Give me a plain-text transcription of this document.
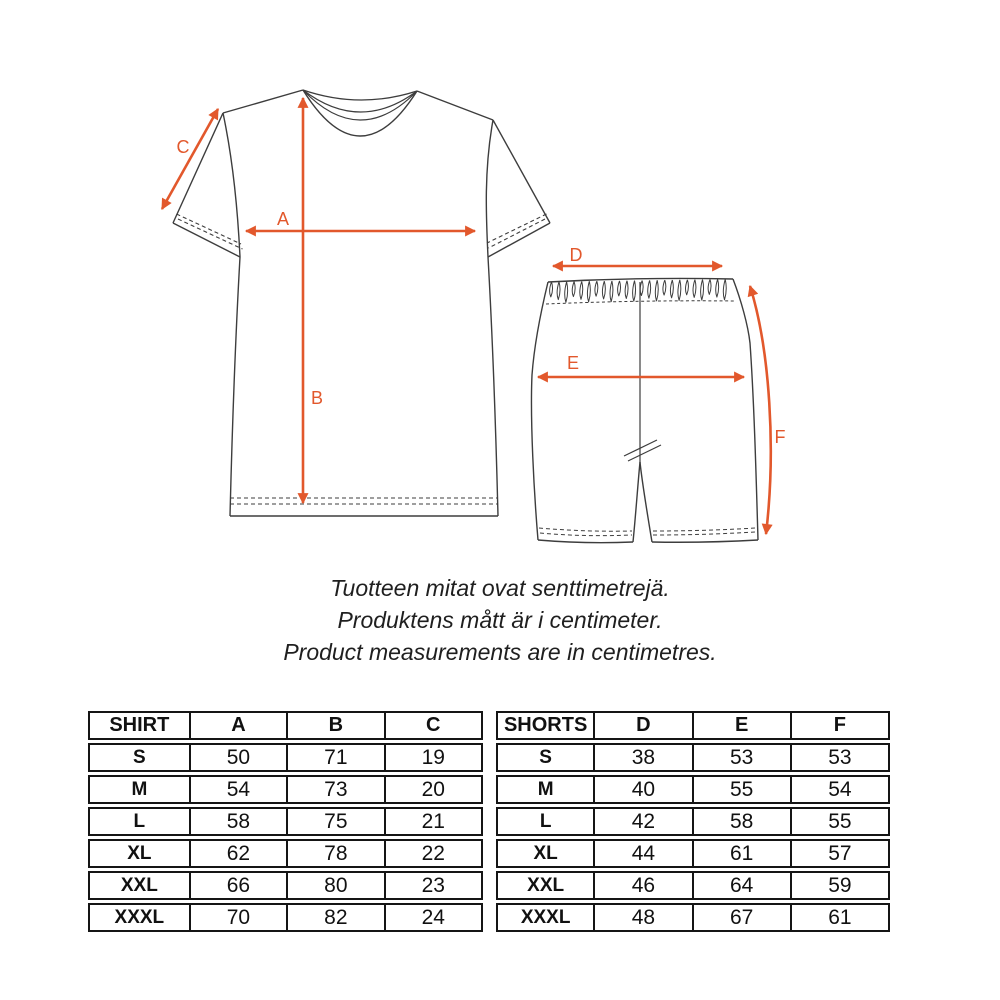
A
B
C
D
E
F
Tuotteen mitat ovat senttimetrejä.
Produktens mått är i centimeter.
Product measurements are in centimetres.
SHIRT	A	B	C
S	50	71	19
M	54	73	20
L	58	75	21
XL	62	78	22
XXL	66	80	23
XXXL	70	82	24
SHORTS	D	E	F
S	38	53	53
M	40	55	54
L	42	58	55
XL	44	61	57
XXL	46	64	59
XXXL	48	67	61
